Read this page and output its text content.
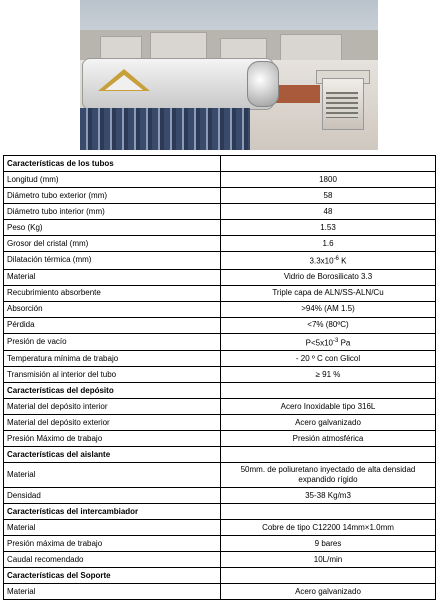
Características de los tubos	
Longitud (mm)	1800
Diámetro tubo exterior (mm)	58
Diámetro tubo interior (mm)	48
Peso (Kg)	1.53
Grosor del cristal (mm)	1.6
Dilatación térmica (mm)	$3.3x10^{-6}$ K
Material	Vidrio de Borosilicato 3.3
Recubrimiento absorbente	Triple capa de ALN/SS-ALN/Cu
Absorción	>94% (AM 1.5)
Pérdida	<7% (80ºC)
Presión de vacío	$P<5x10^{-3}$ Pa
Temperatura mínima de trabajo	- 20 º C con Glicol
Transmisión al interior del tubo	≥ 91 %
Características del depósito	
Material del depósito interior	Acero Inoxidable tipo 316L
Material del depósito exterior	Acero galvanizado
Presión Máximo de trabajo	Presión atmosférica
Características del aislante	
Material	50mm. de poliuretano inyectado de alta densidad expandido rígido
Densidad	35-38 Kg/m3
Características del intercambiador	
Material	Cobre de tipo C12200 14mm×1.0mm
Presión máxima de trabajo	9 bares
Caudal recomendado	10L/min
Características del Soporte	
Material	Acero galvanizado
